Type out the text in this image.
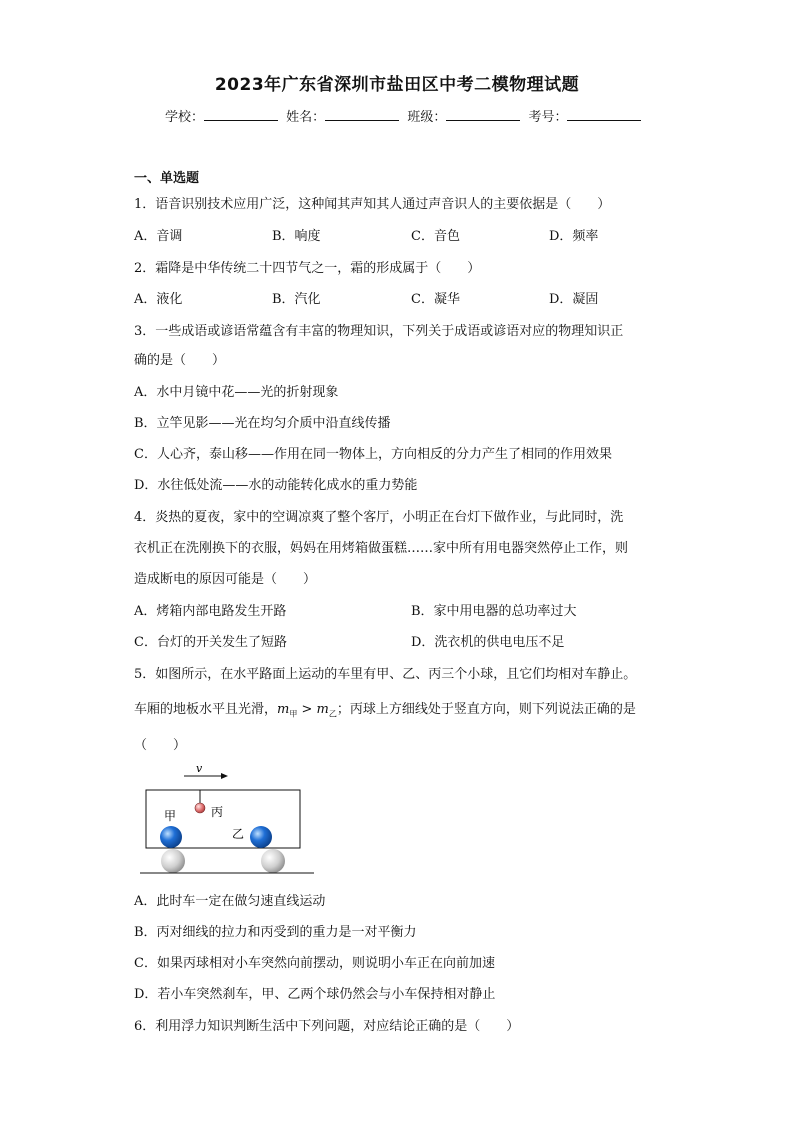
2023年广东省深圳市盐田区中考二模物理试题
学校：	姓名：	班级：	考号：
一、单选题
1．语音识别技术应用广泛，这种闻其声知其人通过声音识人的主要依据是（　　）
A．音调	B．响度	C．音色	D．频率
2．霜降是中华传统二十四节气之一，霜的形成属于（　　）
A．液化	B．汽化	C．凝华	D．凝固
3．一些成语或谚语常蕴含有丰富的物理知识，下列关于成语或谚语对应的物理知识正
确的是（　　）
A．水中月镜中花——光的折射现象
B．立竿见影——光在均匀介质中沿直线传播
C．人心齐，泰山移——作用在同一物体上，方向相反的分力产生了相同的作用效果
D．水往低处流——水的动能转化成水的重力势能
4．炎热的夏夜，家中的空调凉爽了整个客厅，小明正在台灯下做作业，与此同时，洗
衣机正在洗刚换下的衣服，妈妈在用烤箱做蛋糕……家中所有用电器突然停止工作，则
造成断电的原因可能是（　　）
A．烤箱内部电路发生开路	B．家中用电器的总功率过大
C．台灯的开关发生了短路	D．洗衣机的供电电压不足
5．如图所示，在水平路面上运动的车里有甲、乙、丙三个小球，且它们均相对车静止。
车厢的地板水平且光滑，$m_甲 > m_乙$；丙球上方细线处于竖直方向，则下列说法正确的是
（　　）
v
丙
甲
乙
A．此时车一定在做匀速直线运动
B．丙对细线的拉力和丙受到的重力是一对平衡力
C．如果丙球相对小车突然向前摆动，则说明小车正在向前加速
D．若小车突然刹车，甲、乙两个球仍然会与小车保持相对静止
6．利用浮力知识判断生活中下列问题，对应结论正确的是（　　）
